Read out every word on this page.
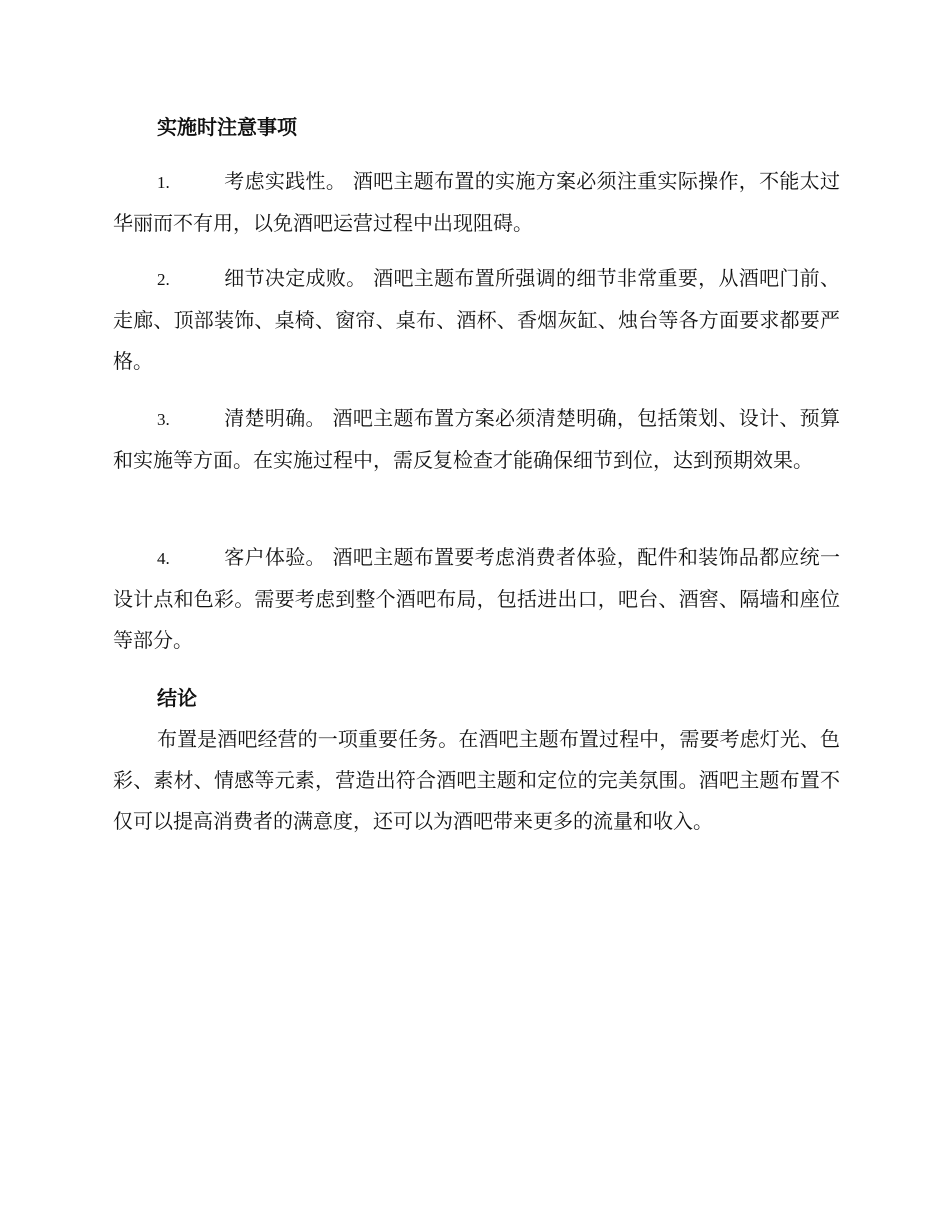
实施时注意事项
1.	考虑实践性。 酒吧主题布置的实施方案必须注重实际操作，不能太过华丽而不有用，以免酒吧运营过程中出现阻碍。
2.	细节决定成败。 酒吧主题布置所强调的细节非常重要，从酒吧门前、走廊、顶部装饰、桌椅、窗帘、桌布、酒杯、香烟灰缸、烛台等各方面要求都要严格。
3.	清楚明确。 酒吧主题布置方案必须清楚明确，包括策划、设计、预算和实施等方面。在实施过程中，需反复检查才能确保细节到位，达到预期效果。
4.	客户体验。 酒吧主题布置要考虑消费者体验，配件和装饰品都应统一设计点和色彩。需要考虑到整个酒吧布局，包括进出口，吧台、酒窖、隔墙和座位等部分。
结论
布置是酒吧经营的一项重要任务。在酒吧主题布置过程中，需要考虑灯光、色彩、素材、情感等元素，营造出符合酒吧主题和定位的完美氛围。酒吧主题布置不仅可以提高消费者的满意度，还可以为酒吧带来更多的流量和收入。
